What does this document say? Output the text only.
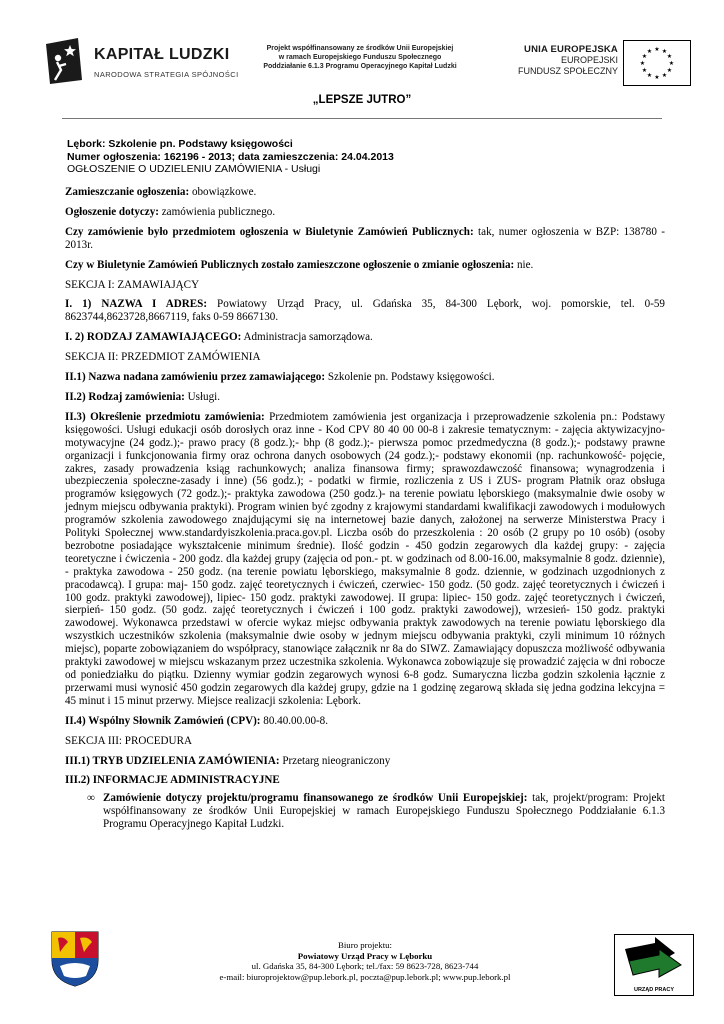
KAPITAŁ LUDZKI
NARODOWA STRATEGIA SPÓJNOŚCI
Projekt współfinansowany ze środków Unii Europejskiej
w ramach Europejskiego Funduszu Społecznego
Poddziałanie 6.1.3 Programu Operacyjnego Kapitał Ludzki
UNIA EUROPEJSKA
EUROPEJSKI
FUNDUSZ SPOŁECZNY
★ ★
★
★
★
★
★
★
★
★
★
★
„LEPSZE JUTRO”
Lębork: Szkolenie pn. Podstawy księgowości
Numer ogłoszenia: 162196 - 2013; data zamieszczenia: 24.04.2013
OGŁOSZENIE O UDZIELENIU ZAMÓWIENIA - Usługi

Zamieszczanie ogłoszenia: obowiązkowe.

Ogłoszenie dotyczy: zamówienia publicznego.

Czy zamówienie było przedmiotem ogłoszenia w Biuletynie Zamówień Publicznych: tak, numer ogłoszenia w BZP: 138780 - 2013r.

Czy w Biuletynie Zamówień Publicznych zostało zamieszczone ogłoszenie o zmianie ogłoszenia: nie.

SEKCJA I: ZAMAWIAJĄCY

I. 1) NAZWA I ADRES: Powiatowy Urząd Pracy, ul. Gdańska 35, 84-300 Lębork, woj. pomorskie, tel. 0-59 8623744,8623728,8667119, faks 0-59 8667130.

I. 2) RODZAJ ZAMAWIAJĄCEGO: Administracja samorządowa.

SEKCJA II: PRZEDMIOT ZAMÓWIENIA

II.1) Nazwa nadana zamówieniu przez zamawiającego: Szkolenie pn. Podstawy księgowości.

II.2) Rodzaj zamówienia: Usługi.

II.3) Określenie przedmiotu zamówienia: Przedmiotem zamówienia jest organizacja i przeprowadzenie szkolenia pn.: Podstawy księgowości. Usługi edukacji osób dorosłych oraz inne - Kod CPV 80 40 00 00-8 i zakresie tematycznym: - zajęcia aktywizacyjno- motywacyjne (24 godz.);- prawo pracy (8 godz.);- bhp (8 godz.);- pierwsza pomoc przedmedyczna (8 godz.);- podstawy prawne organizacji i funkcjonowania firmy oraz ochrona danych osobowych (24 godz.);- podstawy ekonomii (np. rachunkowość- pojęcie, zakres, zasady prowadzenia ksiąg rachunkowych; analiza finansowa firmy; sprawozdawczość finansowa; wynagrodzenia i ubezpieczenia społeczne-zasady i inne) (56 godz.); - podatki w firmie, rozliczenia z US i ZUS- program Płatnik oraz obsługa programów księgowych (72 godz.);- praktyka zawodowa (250 godz.)- na terenie powiatu lęborskiego (maksymalnie dwie osoby w jednym miejscu odbywania praktyki). Program winien być zgodny z krajowymi standardami kwalifikacji zawodowych i modułowych programów szkolenia zawodowego znajdującymi się na internetowej bazie danych, założonej na serwerze Ministerstwa Pracy i Polityki Społecznej www.standardyiszkolenia.praca.gov.pl. Liczba osób do przeszkolenia : 20 osób (2 grupy po 10 osób) (osoby bezrobotne posiadające wykształcenie minimum średnie). Ilość godzin - 450 godzin zegarowych dla każdej grupy: - zajęcia teoretyczne i ćwiczenia - 200 godz. dla każdej grupy (zajęcia od pon.- pt. w godzinach od 8.00-16.00, maksymalnie 8 godz. dziennie), - praktyka zawodowa - 250 godz. (na terenie powiatu lęborskiego, maksymalnie 8 godz. dziennie, w godzinach uzgodnionych z pracodawcą). I grupa: maj- 150 godz. zajęć teoretycznych i ćwiczeń, czerwiec- 150 godz. (50 godz. zajęć teoretycznych i ćwiczeń i 100 godz. praktyki zawodowej), lipiec- 150 godz. praktyki zawodowej. II grupa: lipiec- 150 godz. zajęć teoretycznych i ćwiczeń, sierpień- 150 godz. (50 godz. zajęć teoretycznych i ćwiczeń i 100 godz. praktyki zawodowej), wrzesień- 150 godz. praktyki zawodowej. Wykonawca przedstawi w ofercie wykaz miejsc odbywania praktyk zawodowych na terenie powiatu lęborskiego dla wszystkich uczestników szkolenia (maksymalnie dwie osoby w jednym miejscu odbywania praktyki, czyli minimum 10 różnych miejsc), poparte zobowiązaniem do współpracy, stanowiące załącznik nr 8a do SIWZ. Zamawiający dopuszcza możliwość odbywania praktyki zawodowej w miejscu wskazanym przez uczestnika szkolenia. Wykonawca zobowiązuje się prowadzić zajęcia w dni robocze od poniedziałku do piątku. Dzienny wymiar godzin zegarowych wynosi 6-8 godz. Sumaryczna liczba godzin szkolenia łącznie z przerwami musi wynosić 450 godzin zegarowych dla każdej grupy, gdzie na 1 godzinę zegarową składa się jedna godzina lekcyjna = 45 minut i 15 minut przerwy. Miejsce realizacji szkolenia: Lębork.

II.4) Wspólny Słownik Zamówień (CPV): 80.40.00.00-8.

SEKCJA III: PROCEDURA

III.1) TRYB UDZIELENIA ZAMÓWIENIA: Przetarg nieograniczony

III.2) INFORMACJE ADMINISTRACYJNE

∞ Zamówienie dotyczy projektu/programu finansowanego ze środków Unii Europejskiej: tak, projekt/program: Projekt współfinansowany ze środków Unii Europejskiej w ramach Europejskiego Funduszu Społecznego Poddziałanie 6.1.3 Programu Operacyjnego Kapitał Ludzki.
Biuro projektu:
Powiatowy Urząd Pracy w Lęborku
ul. Gdańska 35, 84-300 Lębork; tel./fax: 59 8623-728, 8623-744
e-mail: biuroprojektow@pup.lebork.pl, poczta@pup.lebork.pl; www.pup.lebork.pl
URZĄD PRACY
